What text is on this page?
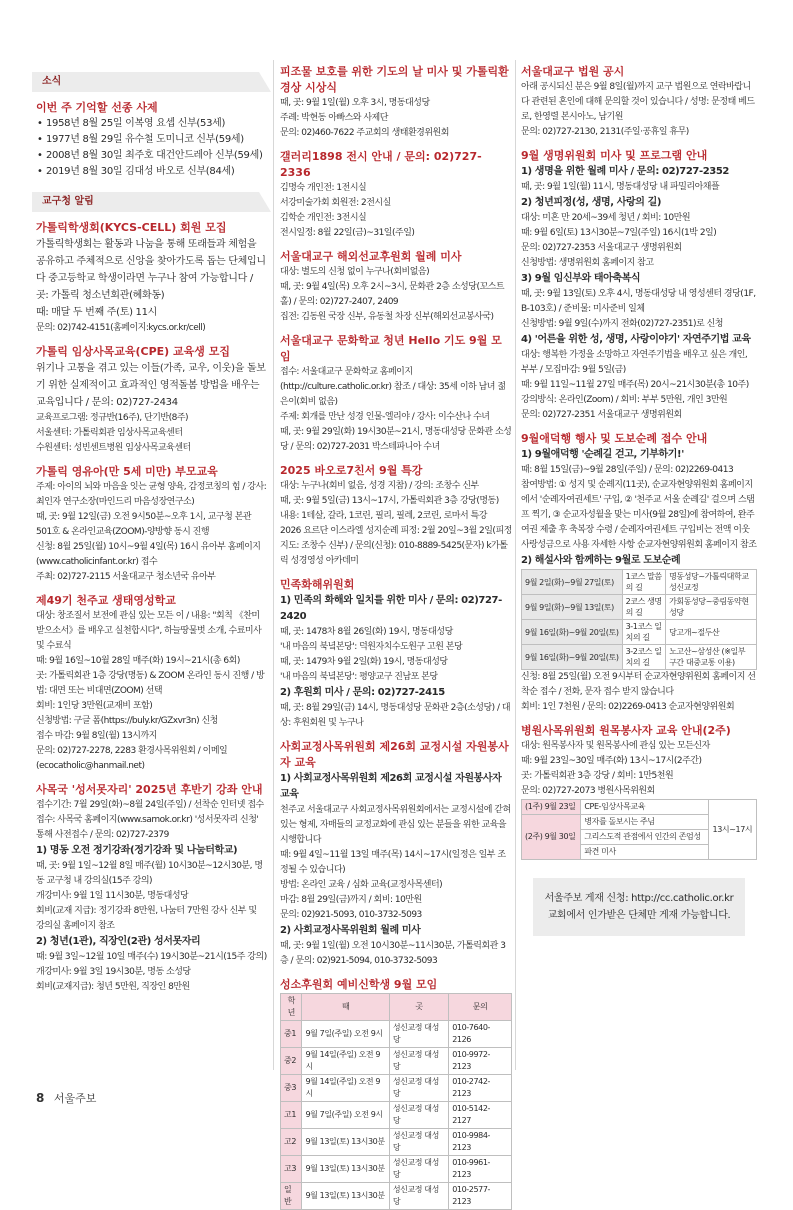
소식
이번 주 기억할 선종 사제
• 1958년 8월 25일 이복영 요셉 신부(53세)
• 1977년 8월 29일 유수철 도미니코 신부(59세)
• 2008년 8월 30일 최주호 대건안드레아 신부(59세)
• 2019년 8월 30일 김대성 바오로 신부(84세)
교구청 알림
가톨릭학생회(KYCS-CELL) 회원 모집
가톨릭학생회는 활동과 나눔을 통해 또래들과 체험을 공유하고 주체적으로 신앙을 찾아가도록 돕는 단체입니다 중고등학교 학생이라면 누구나 참여 가능합니다 / 곳: 가톨릭 청소년회관(혜화동)
때: 매달 두 번째 주(토) 11시
문의: 02)742-4151(홈페이지:kycs.or.kr/cell)
가톨릭 임상사목교육(CPE) 교육생 모집
위기나 고통을 겪고 있는 이들(가족, 교우, 이웃)을 돌보기 위한 실제적이고 효과적인 영적돌봄 방법을 배우는 교육입니다 / 문의: 02)727-2434
교육프로그램: 정규반(16주), 단기반(8주)
서울센터: 가톨릭회관 임상사목교육센터
수원센터: 성빈센트병원 임상사목교육센터
가톨릭 영유아(만 5세 미만) 부모교육
주제: 아이의 뇌와 마음을 잇는 균형 양육, 감정코칭의 힘 / 강사: 최인자 연구소장(마인드리 마음성장연구소)
때, 곳: 9월 12일(금) 오전 9시50분~오후 1시, 교구청 본관 501호 & 온라인교육(ZOOM)-양방향 동시 진행
신청: 8월 25일(월) 10시~9월 4일(목) 16시 유아부 홈페이지(www.catholicinfant.or.kr) 접수
주최: 02)727-2115 서울대교구 청소년국 유아부
제49기 천주교 생태영성학교
대상: 창조질서 보전에 관심 있는 모든 이 / 내용: "회칙 《찬미받으소서》를 배우고 실천합시다", 하늘땅물벗 소개, 수료미사 및 수료식
때: 9월 16일~10월 28일 매주(화) 19시~21시(총 6회)
곳: 가톨릭회관 1층 강당(명동) & ZOOM 온라인 동시 진행 / 방법: 대면 또는 비대면(ZOOM) 선택
회비: 1인당 3만원(교재비 포함)
신청방법: 구글 폼(https://buly.kr/GZxvr3n) 신청
접수 마감: 9월 8일(월) 13시까지
문의: 02)727-2278, 2283 환경사목위원회 / 이메일 (ecocatholic@hanmail.net)
사목국 '성서못자리' 2025년 후반기 강좌 안내
접수기간: 7월 29일(화)~8월 24일(주일) / 선착순 인터넷 접수
접수: 사목국 홈페이지(www.samok.or.kr) '성서못자리 신청' 통해 사전접수 / 문의: 02)727-2379
1) 명동 오전 정기강좌(정기강좌 및 나눔터학교)
때, 곳: 9월 1일~12월 8일 매주(월) 10시30분~12시30분, 명동 교구청 내 강의실(15주 강의)
개강미사: 9월 1일 11시30분, 명동대성당
회비(교재 지급): 정기강좌 8만원, 나눔터 7만원 강사 신부 및 강의실 홈페이지 참조
2) 청년(1관), 직장인(2관) 성서못자리
때: 9월 3일~12월 10일 매주(수) 19시30분~21시(15주 강의)
개강미사: 9월 3일 19시30분, 명동 소성당
회비(교재지급): 청년 5만원, 직장인 8만원
피조물 보호를 위한 기도의 날 미사 및 가톨릭환경상 시상식
때, 곳: 9월 1일(월) 오후 3시, 명동대성당
주례: 박현동 아빠스와 사제단
문의: 02)460-7622 주교회의 생태환경위원회
갤러리1898 전시 안내 / 문의: 02)727-2336
김명숙 개인전: 1전시실
서강미술가회 회원전: 2전시실
김학순 개인전: 3전시실
전시일정: 8월 22일(금)~31일(주일)
서울대교구 해외선교후원회 월례 미사
대상: 별도의 신청 없이 누구나(회비없음)
때, 곳: 9월 4일(목) 오후 2시~3시, 문화관 2층 소성당(꼬스트홀) / 문의: 02)727-2407, 2409
집전: 김동원 국장 신부, 유동철 차장 신부(해외선교봉사국)
서울대교구 문화학교 청년 Hello 기도 9월 모임
접수: 서울대교구 문화학교 홈페이지(http://culture.catholic.or.kr) 참조 / 대상: 35세 이하 남녀 젊은이(회비 없음)
주제: 회개를 만난 성경 인물-엘리야 / 강사: 이수산나 수녀
때, 곳: 9월 29일(화) 19시30분~21시, 명동대성당 문화관 소성당 / 문의: 02)727-2031 박스테파니아 수녀
2025 바오로7친서 9월 특강
대상: 누구나(회비 없음, 성경 지참) / 강의: 조창수 신부
때, 곳: 9월 5일(금) 13시~17시, 가톨릭회관 3층 강당(명동)
내용: 1테살, 갈라, 1코린, 필리, 필레, 2코린, 로마서 특강
2026 요르단 이스라엘 성지순례 피정: 2월 20일~3월 2일(피정 지도: 조창수 신부) / 문의(신청): 010-8889-5425(문자) k가톨릭 성경영성 아카데미
민족화해위원회
1) 민족의 화해와 일치를 위한 미사 / 문의: 02)727-2420
때, 곳: 1478차 8월 26일(화) 19시, 명동대성당
'내 마음의 북녘본당': 덕원자치수도원구 고원 본당
때, 곳: 1479차 9월 2일(화) 19시, 명동대성당
'내 마음의 북녘본당': 평양교구 진남포 본당
2) 후원회 미사 / 문의: 02)727-2415
때, 곳: 8월 29일(금) 14시, 명동대성당 문화관 2층(소성당) / 대상: 후원회원 및 누구나
사회교정사목위원회 제26회 교정시설 자원봉사자 교육
1) 사회교정사목위원회 제26회 교정시설 자원봉사자 교육
천주교 서울대교구 사회교정사목위원회에서는 교정시설에 갇혀있는 형제, 자매들의 교정교화에 관심 있는 분들을 위한 교육을 시행합니다
때: 9월 4일~11월 13일 매주(목) 14시~17시(일정은 일부 조정될 수 있습니다)
방법: 온라인 교육 / 심화 교육(교정사목센터)
마감: 8월 29일(금)까지 / 회비: 10만원
문의: 02)921-5093, 010-3732-5093
2) 사회교정사목위원회 월례 미사
때, 곳: 9월 1일(월) 오전 10시30분~11시30분, 가톨릭회관 3층 / 문의: 02)921-5094, 010-3732-5093
성소후원회 예비신학생 9월 모임
학년	때	곳	문의
중1	9월 7일(주일) 오전 9시	성신교정 대성당	010-7640-2126
중2	9월 14일(주일) 오전 9시	성신교정 대성당	010-9972-2123
중3	9월 14일(주일) 오전 9시	성신교정 대성당	010-2742-2123
고1	9월 7일(주일) 오전 9시	성신교정 대성당	010-5142-2127
고2	9월 13일(토) 13시30분	성신교정 대성당	010-9984-2123
고3	9월 13일(토) 13시30분	성신교정 대성당	010-9961-2123
일반	9월 13일(토) 13시30분	성신교정 대성당	010-2577-2123
서울대교구 법원 공시
아래 공시되신 분은 9월 8일(월)까지 교구 법원으로 연락바랍니다 관련된 혼인에 대해 문의할 것이 있습니다 / 성명: 문정태 베드로, 한영렬 본시아노, 남기원
문의: 02)727-2130, 2131(주일·공휴일 휴무)
9월 생명위원회 미사 및 프로그램 안내
1) 생명을 위한 월례 미사 / 문의: 02)727-2352
때, 곳: 9월 1일(월) 11시, 명동대성당 내 파밀리아채플
2) 청년피정(성, 생명, 사랑의 길)
대상: 미혼 만 20세~39세 청년 / 회비: 10만원
때: 9월 6일(토) 13시30분~7일(주일) 16시(1박 2일)
문의: 02)727-2353 서울대교구 생명위원회
신청방법: 생명위원회 홈페이지 참고
3) 9월 임신부와 태아축복식
때, 곳: 9월 13일(토) 오후 4시, 명동대성당 내 영성센터 경당(1F, B-103호) / 준비물: 미사준비 일체
신청방법: 9월 9일(수)까지 전화(02)727-2351)로 신청
4) '어른을 위한 성, 생명, 사랑이야기' 자연주기법 교육
대상: 행복한 가정을 소망하고 자연주기법을 배우고 싶은 개인, 부부 / 모집마감: 9월 5일(금)
때: 9월 11일~11월 27일 매주(목) 20시~21시30분(총 10주)
강의방식: 온라인(Zoom) / 회비: 부부 5만원, 개인 3만원
문의: 02)727-2351 서울대교구 생명위원회
9월애덕행 행사 및 도보순례 접수 안내
1) 9월애덕행 '순례길 걷고, 기부하기!'
때: 8월 15일(금)~9월 28일(주일) / 문의: 02)2269-0413
참여방법: ① 성지 및 순례지(11곳), 순교자현양위원회 홈페이지에서 '순례자여권세트' 구입, ② '천주교 서울 순례길' 걸으며 스탬프 찍기, ③ 순교자성월을 맞는 미사(9월 28일)에 참여하여, 완주여권 제출 후 축복장 수령 / 순례자여권세트 구입비는 전액 이웃사랑성금으로 사용 자세한 사항 순교자현양위원회 홈페이지 참조
2) 해설사와 함께하는 9월로 도보순례
9월 2일(화)~9월 27일(토)	1코스 말씀의 길	명동성당~가톨릭대학교 성신교정
9월 9일(화)~9월 13일(토)	2코스 생명의 길	가회동성당~중림동약현성당
9월 16일(화)~9월 20일(토)	3-1코스 일치의 길	당고개~절두산
9월 16일(화)~9월 20일(토)	3-2코스 일치의 길	노고산~삼성산 (※일부 구간 대중교통 이용)
신청: 8월 25일(월) 오전 9시부터 순교자현양위원회 홈페이지 선착순 접수 / 전화, 문자 접수 받지 않습니다
회비: 1인 7천원 / 문의: 02)2269-0413 순교자현양위원회
병원사목위원회 원목봉사자 교육 안내(2주)
대상: 원목봉사자 및 원목봉사에 관심 있는 모든신자
때: 9월 23일~30일 매주(화) 13시~17시(2주간)
곳: 가톨릭회관 3층 강당 / 회비: 1만5천원
문의: 02)727-2073 병원사목위원회
(1주) 9월 23일	CPE-임상사목교육	13시~17시
(2주) 9월 30일	병자를 돌보시는 주님	
	그리스도적 관점에서 인간의 존엄성	
	파견 미사	
서울주보 게재 신청: http://cc.catholic.or.kr
교회에서 인가받은 단체만 게재 가능합니다.
8 서울주보
